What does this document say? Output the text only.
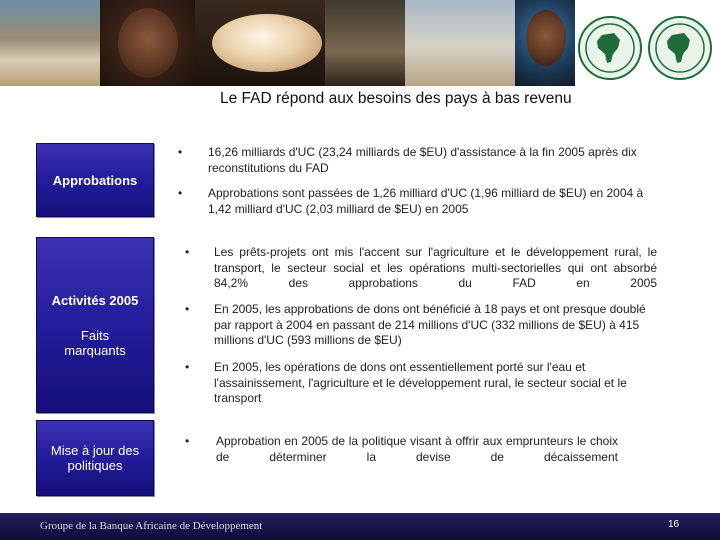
Le FAD répond aux besoins des pays à bas revenu
Approbations
Activités 2005
Faits marquants
Mise à jour des politiques
• 16,26 milliards d'UC (23,24 milliards de $EU) d'assistance à la fin 2005 après dix reconstitutions du FAD
• Approbations sont passées de 1,26 milliard d'UC (1,96 milliard de $EU) en 2004 à 1,42 milliard d'UC (2,03 milliard de $EU) en 2005
• Les prêts-projets ont mis l'accent sur l'agriculture et le développement rural, le transport, le secteur social et les opérations multi-sectorielles qui ont absorbé 84,2% des approbations du FAD en 2005
• En 2005, les approbations de dons ont bénéficié à 18 pays et ont presque doublé par rapport à 2004 en passant de 214 millions d'UC (332 millions de $EU) à 415 millions d'UC (593 millions de $EU)
• En 2005, les opérations de dons ont essentiellement porté sur l'eau et l'assainissement, l'agriculture et le développement rural, le secteur social et le transport
• Approbation en 2005 de la politique visant à offrir aux emprunteurs le choix de déterminer la devise de décaissement
Groupe de la Banque Africaine de Développement	16
